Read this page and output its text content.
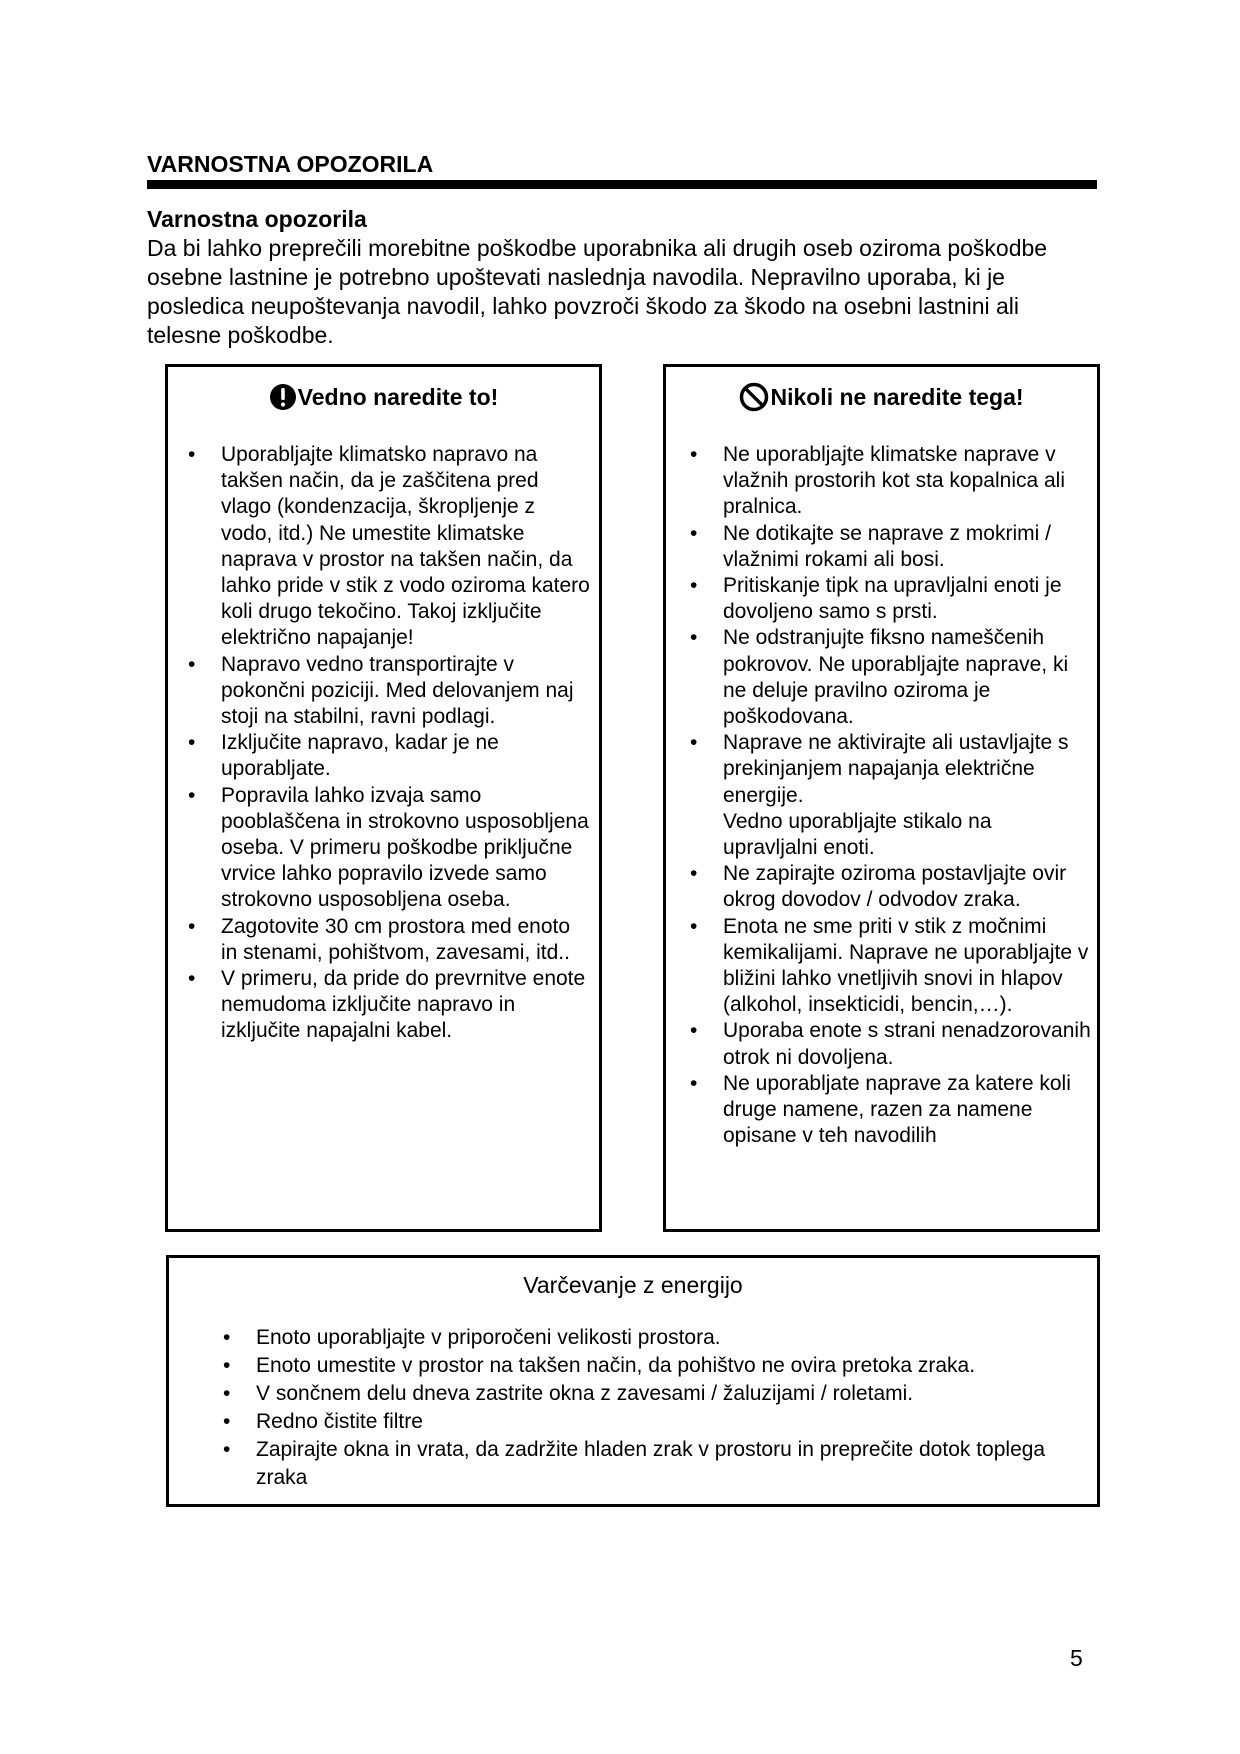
VARNOSTNA OPOZORILA
Varnostna opozorila
Da bi lahko preprečili morebitne poškodbe uporabnika ali drugih oseb oziroma poškodbe osebne lastnine je potrebno upoštevati naslednja navodila. Nepravilno uporaba, ki je posledica neupoštevanja navodil, lahko povzroči škodo za škodo na osebni lastnini ali telesne poškodbe.
Vedno naredite to!
• Uporabljajte klimatsko napravo na takšen način, da je zaščitena pred vlago (kondenzacija, škropljenje z vodo, itd.) Ne umestite klimatske naprava v prostor na takšen način, da lahko pride v stik z vodo oziroma katero koli drugo tekočino. Takoj izključite električno napajanje!
• Napravo vedno transportirajte v pokončni poziciji. Med delovanjem naj stoji na stabilni, ravni podlagi.
• Izključite napravo, kadar je ne uporabljate.
• Popravila lahko izvaja samo pooblaščena in strokovno usposobljena oseba. V primeru poškodbe priključne vrvice lahko popravilo izvede samo strokovno usposobljena oseba.
• Zagotovite 30 cm prostora med enoto in stenami, pohištvom, zavesami, itd..
• V primeru, da pride do prevrnitve enote nemudoma izključite napravo in izključite napajalni kabel.
Nikoli ne naredite tega!
• Ne uporabljajte klimatske naprave v vlažnih prostorih kot sta kopalnica ali pralnica.
• Ne dotikajte se naprave z mokrimi / vlažnimi rokami ali bosi.
• Pritiskanje tipk na upravljalni enoti je dovoljeno samo s prsti.
• Ne odstranjujte fiksno nameščenih pokrovov. Ne uporabljajte naprave, ki ne deluje pravilno oziroma je poškodovana.
• Naprave ne aktivirajte ali ustavljajte s prekinjanjem napajanja električne energije.
Vedno uporabljajte stikalo na upravljalni enoti.
• Ne zapirajte oziroma postavljajte ovir okrog dovodov / odvodov zraka.
• Enota ne sme priti v stik z močnimi kemikalijami. Naprave ne uporabljajte v bližini lahko vnetljivih snovi in hlapov (alkohol, insekticidi, bencin,…).
• Uporaba enote s strani nenadzorovanih otrok ni dovoljena.
• Ne uporabljate naprave za katere koli druge namene, razen za namene opisane v teh navodilih
Varčevanje z energijo
• Enoto uporabljajte v priporočeni velikosti prostora.
• Enoto umestite v prostor na takšen način, da pohištvo ne ovira pretoka zraka.
• V sončnem delu dneva zastrite okna z zavesami / žaluzijami / roletami.
• Redno čistite filtre
• Zapirajte okna in vrata, da zadržite hladen zrak v prostoru in preprečite dotok toplega zraka
5
